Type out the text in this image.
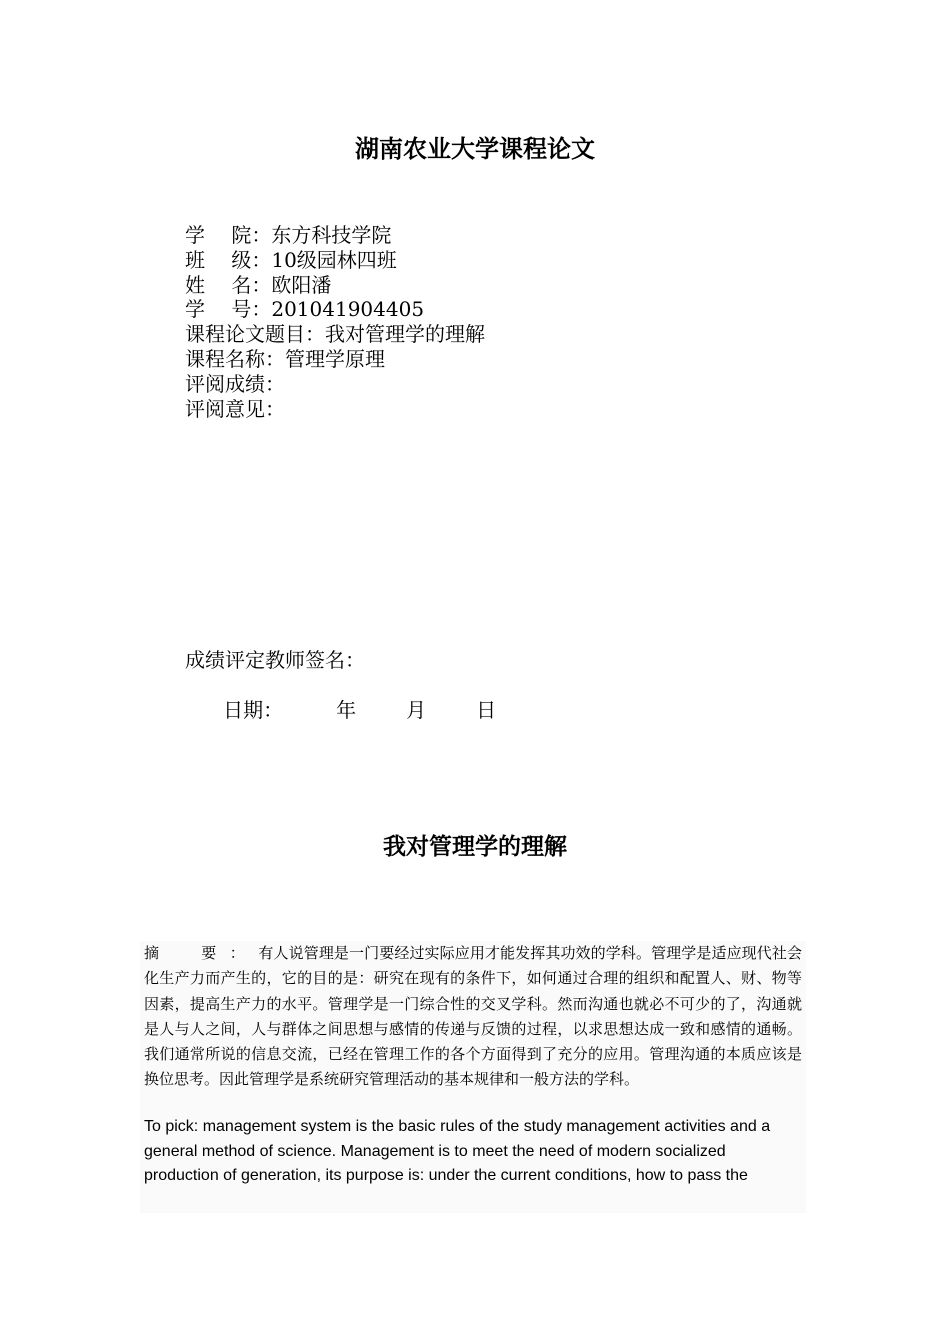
湖南农业大学课程论文
学　 院：东方科技学院
班　 级：10级园林四班
姓　 名：欧阳潘
学　 号：201041904405
课程论文题目：我对管理学的理解
课程名称：管理学原理
评阅成绩：
评阅意见：
成绩评定教师签名：

日期：	年	月	日

我对管理学的理解

摘　要：有人说管理是一门要经过实际应用才能发挥其功效的学科。管理学是适应现代社会化生产力而产生的，它的目的是：研究在现有的条件下，如何通过合理的组织和配置人、财、物等因素，提高生产力的水平。管理学是一门综合性的交叉学科。然而沟通也就必不可少的了，沟通就是人与人之间，人与群体之间思想与感情的传递与反馈的过程，以求思想达成一致和感情的通畅。我们通常所说的信息交流，已经在管理工作的各个方面得到了充分的应用。管理沟通的本质应该是换位思考。因此管理学是系统研究管理活动的基本规律和一般方法的学科。

To pick: management system is the basic rules of the study management activities and a general method of science. Management is to meet the need of modern socialized production of generation, its purpose is: under the current conditions, how to pass the
